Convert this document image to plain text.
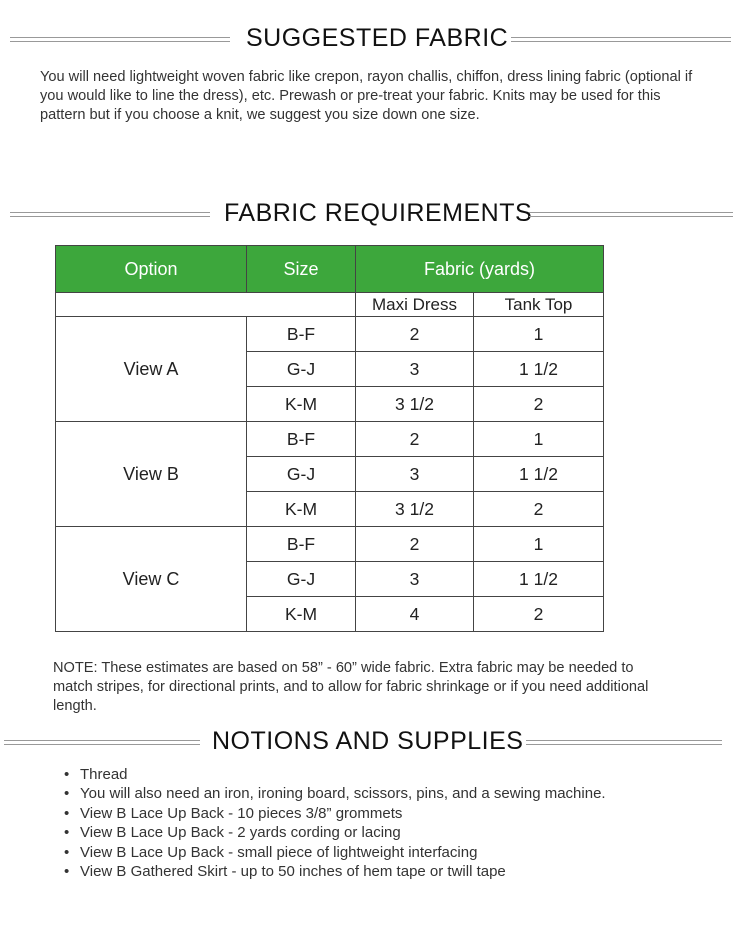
SUGGESTED FABRIC
You will need lightweight woven fabric like crepon, rayon challis, chiffon, dress lining fabric (optional if you would like to line the dress), etc. Prewash or pre-treat your fabric. Knits may be used for this pattern but if you choose a knit, we suggest you size down one size.
FABRIC REQUIREMENTS
Option	Size	Fabric (yards)	
		Maxi Dress	Tank Top
View A	B-F	2	1
	G-J	3	1 1/2
	K-M	3 1/2	2
View B	B-F	2	1
	G-J	3	1 1/2
	K-M	3 1/2	2
View C	B-F	2	1
	G-J	3	1 1/2
	K-M	4	2
NOTE: These estimates are based on 58” - 60” wide fabric. Extra fabric may be needed to match stripes, for directional prints, and to allow for fabric shrinkage or if you need additional length.
NOTIONS AND SUPPLIES
• Thread
• You will also need an iron, ironing board, scissors, pins, and a sewing machine.
• View B Lace Up Back - 10 pieces 3/8” grommets
• View B Lace Up Back - 2 yards cording or lacing
• View B Lace Up Back - small piece of lightweight interfacing
• View B Gathered Skirt - up to 50 inches of hem tape or twill tape
